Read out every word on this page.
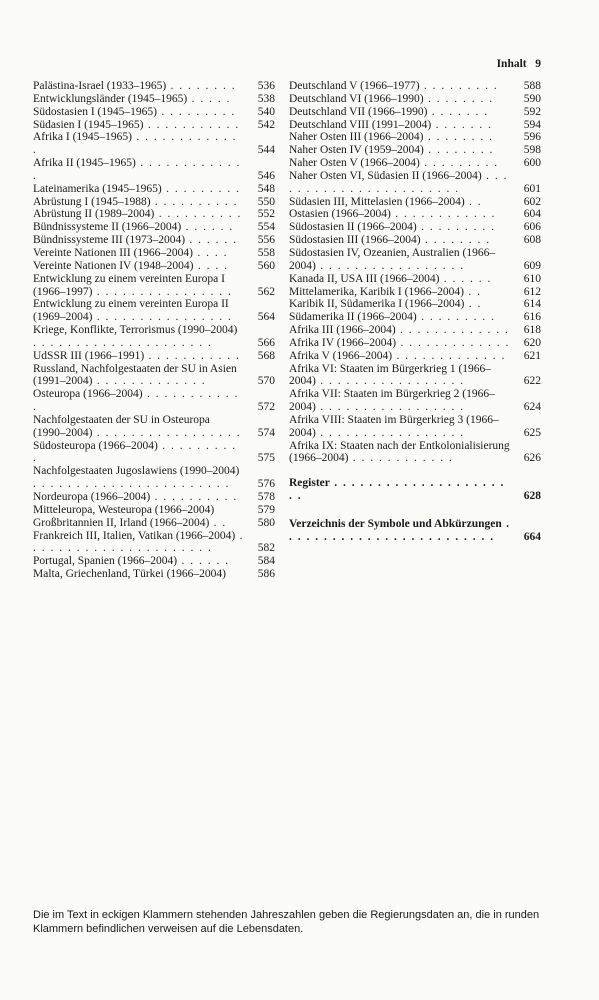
Inhalt 9
Palästina-Israel (1933–1965) . . . . . . . .	536
Entwicklungsländer (1945–1965) . . . . .	538
Südostasien I (1945–1965) . . . . . . . . .	540
Südasien I (1945–1965) . . . . . . . . . . .	542
Afrika I (1945–1965) . . . . . . . . . . . . .	544
Afrika II (1945–1965) . . . . . . . . . . . . .	546
Lateinamerika (1945–1965) . . . . . . . . .	548
Abrüstung I (1945–1988) . . . . . . . . . .	550
Abrüstung II (1989–2004) . . . . . . . . . .	552
Bündnissysteme II (1966–2004) . . . . . .	554
Bündnissysteme III (1973–2004) . . . . . .	556
Vereinte Nationen III (1966–2004) . . . .	558
Vereinte Nationen IV (1948–2004) . . . .	560
Entwicklung zu einem vereinten Europa I (1966–1997) . . . . . . . . . . . . . . . .	562
Entwicklung zu einem vereinten Europa II (1969–2004) . . . . . . . . . . . . . . . .	564
Kriege, Konflikte, Terrorismus (1990–2004) . . . . . . . . . . . . . . . . . . . . .	566
UdSSR III (1966–1991) . . . . . . . . . . .	568
Russland, Nachfolgestaaten der SU in Asien (1991–2004) . . . . . . . . . . . . .	570
Osteuropa (1966–2004) . . . . . . . . . . . .	572
Nachfolgestaaten der SU in Osteuropa (1990–2004) . . . . . . . . . . . . . . . . .	574
Südosteuropa (1966–2004) . . . . . . . . . .	575
Nachfolgestaaten Jugoslawiens (1990–2004) . . . . . . . . . . . . . . . . . . . . . . .	576
Nordeuropa (1966–2004) . . . . . . . . . .	578
Mitteleuropa, Westeuropa (1966–2004)	579
Großbritannien II, Irland (1966–2004) . .	580
Frankreich III, Italien, Vatikan (1966–2004) . . . . . . . . . . . . . . . . . . . . . .	582
Portugal, Spanien (1966–2004) . . . . . .	584
Malta, Griechenland, Türkei (1966–2004)	586
Deutschland V (1966–1977) . . . . . . . . .	588
Deutschland VI (1966–1990) . . . . . . . .	590
Deutschland VII (1966–1990) . . . . . . .	592
Deutschland VIII (1991–2004) . . . . . . .	594
Naher Osten III (1966–2004) . . . . . . . .	596
Naher Osten IV (1959–2004) . . . . . . . .	598
Naher Osten V (1966–2004) . . . . . . . . .	600
Naher Osten VI, Südasien II (1966–2004) . . . . . . . . . . . . . . . . . . . . . . .	601
Südasien III, Mittelasien (1966–2004) . .	602
Ostasien (1966–2004) . . . . . . . . . . . .	604
Südostasien II (1966–2004) . . . . . . . . .	606
Südostasien III (1966–2004) . . . . . . . .	608
Südostasien IV, Ozeanien, Australien (1966–2004) . . . . . . . . . . . . . . . . .	609
Kanada II, USA III (1966–2004) . . . . . .	610
Mittelamerika, Karibik I (1966–2004) . .	612
Karibik II, Südamerika I (1966–2004) . .	614
Südamerika II (1966–2004) . . . . . . . . .	616
Afrika III (1966–2004) . . . . . . . . . . . . .	618
Afrika IV (1966–2004) . . . . . . . . . . . . .	620
Afrika V (1966–2004) . . . . . . . . . . . . .	621
Afrika VI: Staaten im Bürgerkrieg 1 (1966–2004) . . . . . . . . . . . . . . . . .	622
Afrika VII: Staaten im Bürgerkrieg 2 (1966–2004) . . . . . . . . . . . . . . . . .	624
Afrika VIII: Staaten im Bürgerkrieg 3 (1966–2004) . . . . . . . . . . . . . . . . .	625
Afrika IX: Staaten nach der Entkolonialisierung (1966–2004) . . . . . . . . . . . .	626
Register . . . . . . . . . . . . . . . . . . . . . .	628
Verzeichnis der Symbole und Abkürzungen . . . . . . . . . . . . . . . . . . . . . . . . .	664
Die im Text in eckigen Klammern stehenden Jahreszahlen geben die Regierungsdaten an, die in runden Klammern befindlichen verweisen auf die Lebensdaten.
